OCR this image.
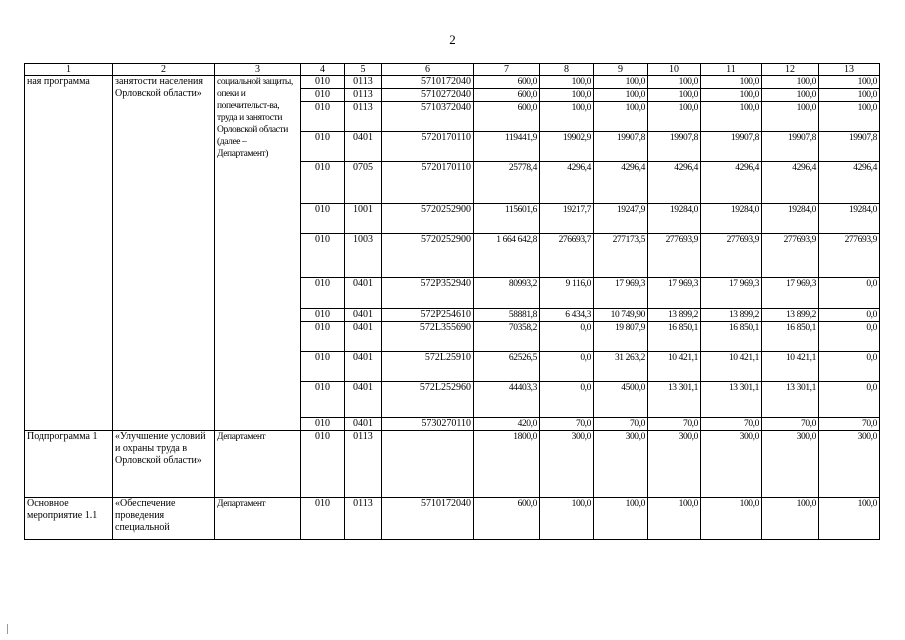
2
1	2	3	4	5	6	7	8	9	10	11	12	13
ная программа	занятости населения Орловской области»	социальной защиты, опеки и попечительст-ва, труда и занятости Орловской области (далее – Департамент)	010	0113	5710172040	600,0	100,0	100,0	100,0	100,0	100,0	100,0
			010	0113	5710272040	600,0	100,0	100,0	100,0	100,0	100,0	100,0
			010	0113	5710372040	600,0	100,0	100,0	100,0	100,0	100,0	100,0
			010	0401	5720170110	119441,9	19902,9	19907,8	19907,8	19907,8	19907,8	19907,8
			010	0705	5720170110	25778,4	4296,4	4296,4	4296,4	4296,4	4296,4	4296,4
			010	1001	5720252900	115601,6	19217,7	19247,9	19284,0	19284,0	19284,0	19284,0
			010	1003	5720252900	1 664 642,8	276693,7	277173,5	277693,9	277693,9	277693,9	277693,9
			010	0401	572P352940	80993,2	9 116,0	17 969,3	17 969,3	17 969,3	17 969,3	0,0
			010	0401	572P254610	58881,8	6 434,3	10 749,90	13 899,2	13 899,2	13 899,2	0,0
			010	0401	572L355690	70358,2	0,0	19 807,9	16 850,1	16 850,1	16 850,1	0,0
			010	0401	572L25910	62526,5	0,0	31 263,2	10 421,1	10 421,1	10 421,1	0,0
			010	0401	572L252960	44403,3	0,0	4500,0	13 301,1	13 301,1	13 301,1	0,0
			010	0401	5730270110	420,0	70,0	70,0	70,0	70,0	70,0	70,0
Подпрограмма 1	«Улучшение условий и охраны труда в Орловской области»	Департамент	010	0113		1800,0	300,0	300,0	300,0	300,0	300,0	300,0
Основное мероприятие 1.1	«Обеспечение проведения специальной	Департамент	010	0113	5710172040	600,0	100,0	100,0	100,0	100,0	100,0	100,0
